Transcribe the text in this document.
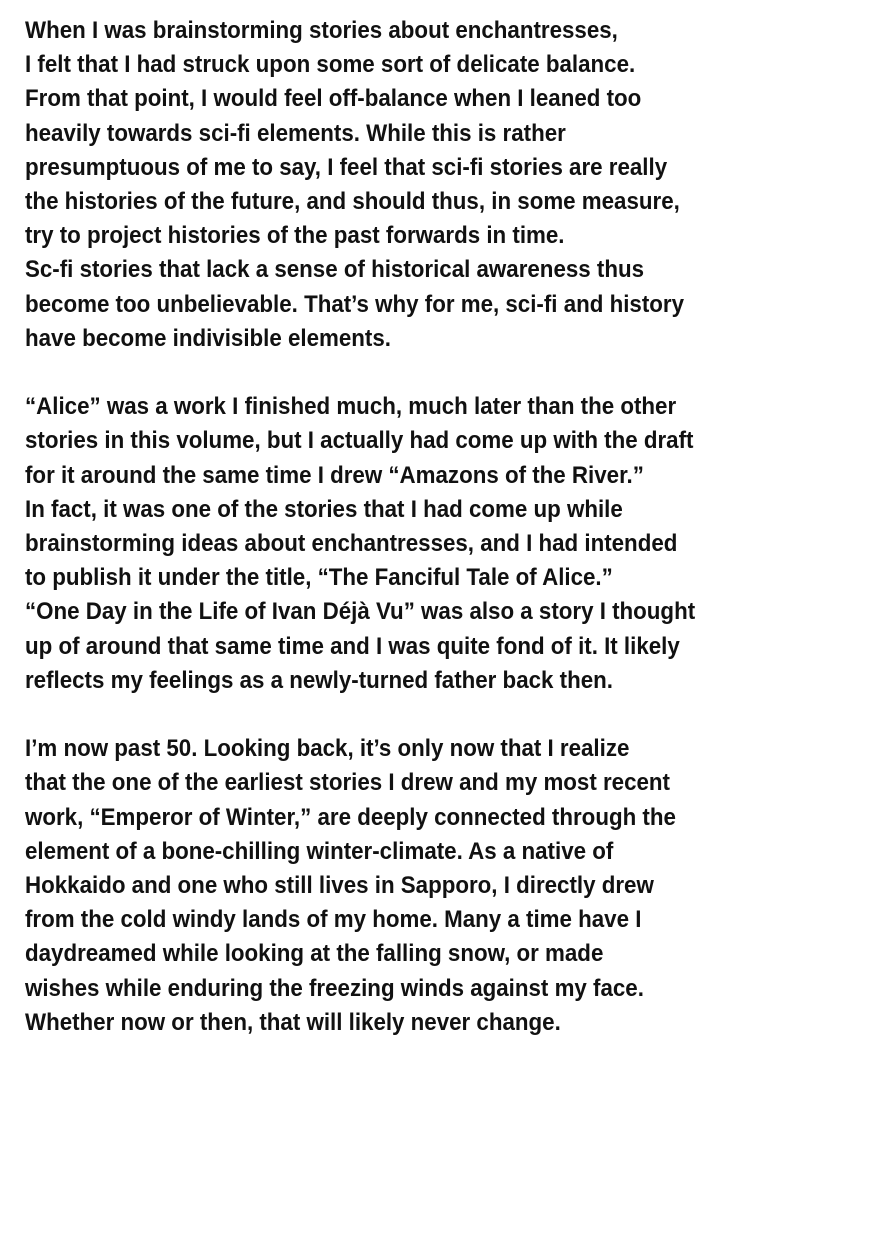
When I was brainstorming stories about enchantresses,
I felt that I had struck upon some sort of delicate balance.
From that point, I would feel off-balance when I leaned too
heavily towards sci-fi elements. While this is rather
presumptuous of me to say, I feel that sci-fi stories are really
the histories of the future, and should thus, in some measure,
try to project histories of the past forwards in time.
Sc-fi stories that lack a sense of historical awareness thus
become too unbelievable. That’s why for me, sci-fi and history
have become indivisible elements.
“Alice” was a work I finished much, much later than the other
stories in this volume, but I actually had come up with the draft
for it around the same time I drew “Amazons of the River.”
In fact, it was one of the stories that I had come up while
brainstorming ideas about enchantresses, and I had intended
to publish it under the title, “The Fanciful Tale of Alice.”
“One Day in the Life of Ivan Déjà Vu” was also a story I thought
up of around that same time and I was quite fond of it. It likely
reflects my feelings as a newly-turned father back then.
I’m now past 50. Looking back, it’s only now that I realize
that the one of the earliest stories I drew and my most recent
work, “Emperor of Winter,” are deeply connected through the
element of a bone-chilling winter-climate. As a native of
Hokkaido and one who still lives in Sapporo, I directly drew
from the cold windy lands of my home. Many a time have I
daydreamed while looking at the falling snow, or made
wishes while enduring the freezing winds against my face.
Whether now or then, that will likely never change.
